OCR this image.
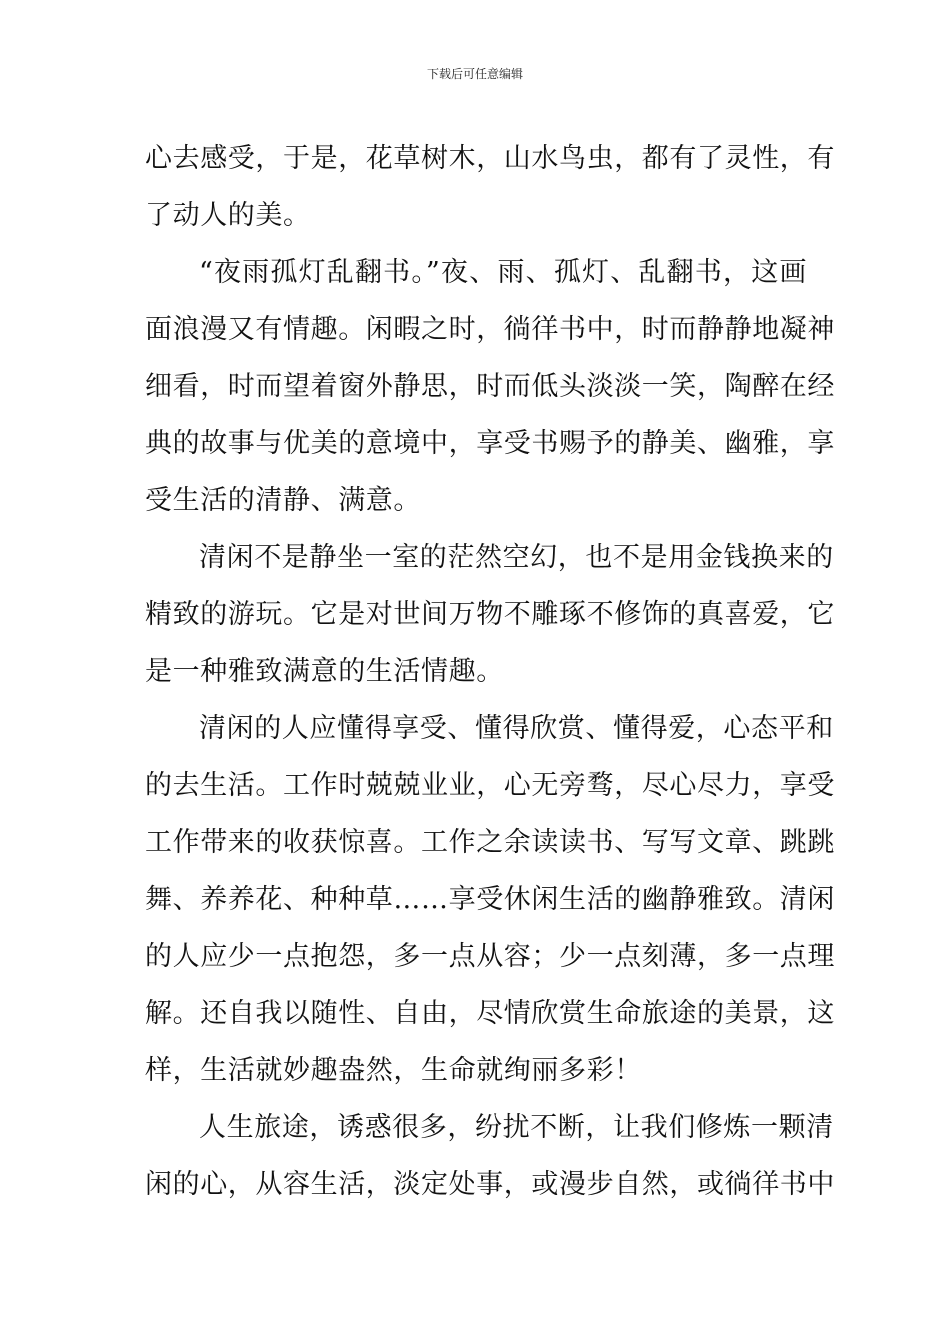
下载后可任意编辑
心去感受，于是，花草树木，山水鸟虫，都有了灵性，有
了动人的美。
“夜雨孤灯乱翻书。”夜、雨、孤灯、乱翻书，这画
面浪漫又有情趣。闲暇之时，徜徉书中，时而静静地凝神
细看，时而望着窗外静思，时而低头淡淡一笑，陶醉在经
典的故事与优美的意境中，享受书赐予的静美、幽雅，享
受生活的清静、满意。
清闲不是静坐一室的茫然空幻，也不是用金钱换来的
精致的游玩。它是对世间万物不雕琢不修饰的真喜爱，它
是一种雅致满意的生活情趣。
清闲的人应懂得享受、懂得欣赏、懂得爱，心态平和
的去生活。工作时兢兢业业，心无旁骛，尽心尽力，享受
工作带来的收获惊喜。工作之余读读书、写写文章、跳跳
舞、养养花、种种草……享受休闲生活的幽静雅致。清闲
的人应少一点抱怨，多一点从容；少一点刻薄，多一点理
解。还自我以随性、自由，尽情欣赏生命旅途的美景，这
样，生活就妙趣盎然，生命就绚丽多彩！
人生旅途，诱惑很多，纷扰不断，让我们修炼一颗清
闲的心，从容生活，淡定处事，或漫步自然，或徜徉书中
